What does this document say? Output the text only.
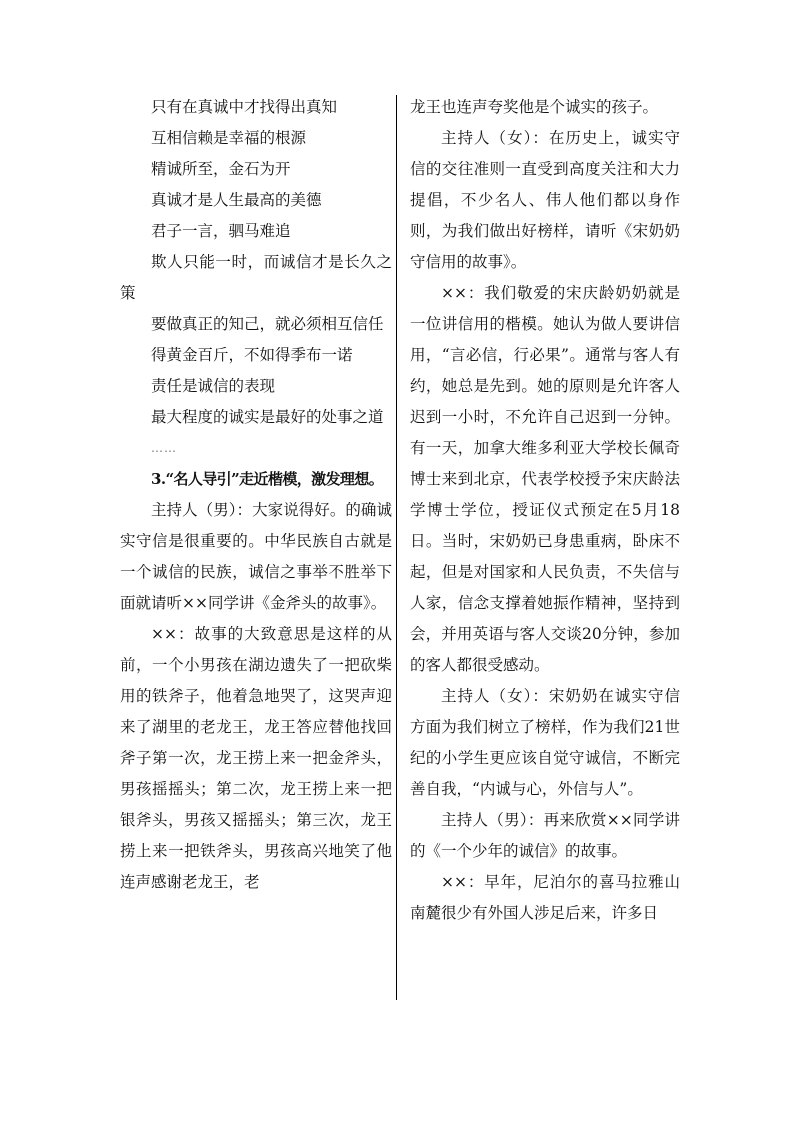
只有在真诚中才找得出真知

互相信赖是幸福的根源

精诚所至，金石为开

真诚才是人生最高的美德

君子一言，驷马难追

欺人只能一时，而诚信才是长久之策

要做真正的知己，就必须相互信任

得黄金百斤，不如得季布一诺

责任是诚信的表现

最大程度的诚实是最好的处事之道

……

3.“名人导引”走近楷模，激发理想。

主持人（男）：大家说得好。的确诚实守信是很重要的。中华民族自古就是一个诚信的民族，诚信之事举不胜举下面就请听××同学讲《金斧头的故事》。

××：故事的大致意思是这样的从前，一个小男孩在湖边遗失了一把砍柴用的铁斧子，他着急地哭了，这哭声迎来了湖里的老龙王，龙王答应替他找回斧子第一次，龙王捞上来一把金斧头，男孩摇摇头；第二次，龙王捞上来一把银斧头，男孩又摇摇头；第三次，龙王捞上来一把铁斧头，男孩高兴地笑了他连声感谢老龙王，老

龙王也连声夸奖他是个诚实的孩子。

主持人（女）：在历史上，诚实守信的交往准则一直受到高度关注和大力提倡，不少名人、伟人他们都以身作则，为我们做出好榜样，请听《宋奶奶守信用的故事》。

××：我们敬爱的宋庆龄奶奶就是一位讲信用的楷模。她认为做人要讲信用，“言必信，行必果”。通常与客人有约，她总是先到。她的原则是允许客人迟到一小时，不允许自己迟到一分钟。有一天，加拿大维多利亚大学校长佩奇博士来到北京，代表学校授予宋庆龄法学博士学位，授证仪式预定在5月18日。当时，宋奶奶已身患重病，卧床不起，但是对国家和人民负责，不失信与人家，信念支撑着她振作精神，坚持到会，并用英语与客人交谈20分钟，参加的客人都很受感动。

主持人（女）：宋奶奶在诚实守信方面为我们树立了榜样，作为我们21世纪的小学生更应该自觉守诚信，不断完善自我，“内诚与心，外信与人”。

主持人（男）：再来欣赏××同学讲的《一个少年的诚信》的故事。

××：早年，尼泊尔的喜马拉雅山南麓很少有外国人涉足后来，许多日
